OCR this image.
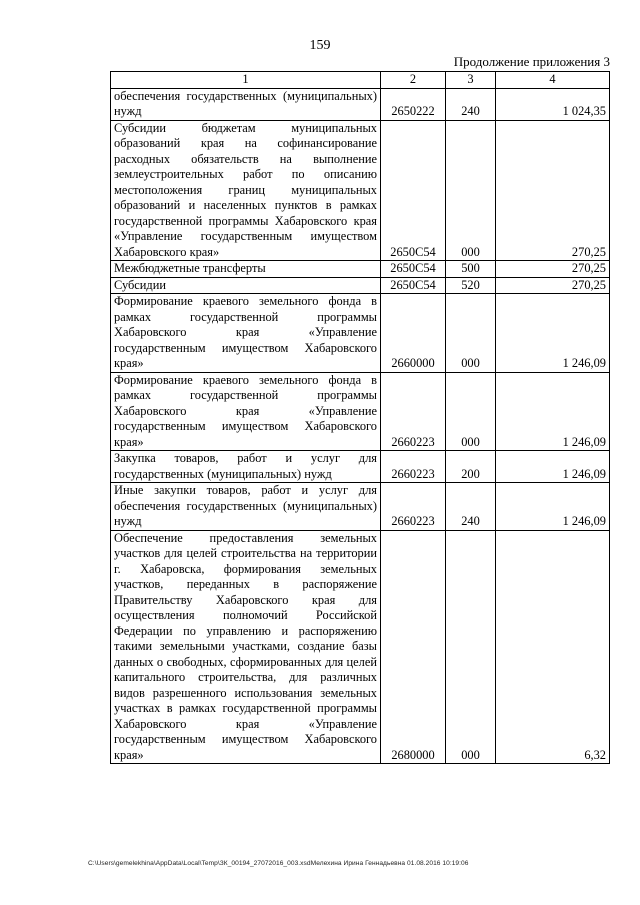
159
Продолжение приложения 3
1	2	3	4
обеспечения государственных (муниципальных) нужд	2650222	240	1 024,35
Субсидии бюджетам муниципальных образований края на софинансирование расходных обязательств на выполнение землеустроительных работ по описанию местоположения границ муниципальных образований и населенных пунктов в рамках государственной программы Хабаровского края «Управление государственным имуществом Хабаровского края»	2650С54	000	270,25
Межбюджетные трансферты	2650С54	500	270,25
Субсидии	2650С54	520	270,25
Формирование краевого земельного фонда в рамках государственной программы Хабаровского края «Управление государственным имуществом Хабаровского края»	2660000	000	1 246,09
Формирование краевого земельного фонда в рамках государственной программы Хабаровского края «Управление государственным имуществом Хабаровского края»	2660223	000	1 246,09
Закупка товаров, работ и услуг для государственных (муниципальных) нужд	2660223	200	1 246,09
Иные закупки товаров, работ и услуг для обеспечения государственных (муниципальных) нужд	2660223	240	1 246,09
Обеспечение предоставления земельных участков для целей строительства на территории г. Хабаровска, формирования земельных участков, переданных в распоряжение Правительству Хабаровского края для осуществления полномочий Российской Федерации по управлению и распоряжению такими земельными участками, создание базы данных о свободных, сформированных для целей капитального строительства, для различных видов разрешенного использования земельных участках в рамках государственной программы Хабаровского края «Управление государственным имуществом Хабаровского края»	2680000	000	6,32
C:\Users\gemelekhina\AppData\Local\Temp\ЗК_00194_27072016_003.xsdМелехина Ирина Геннадьевна 01.08.2016 10:19:06
